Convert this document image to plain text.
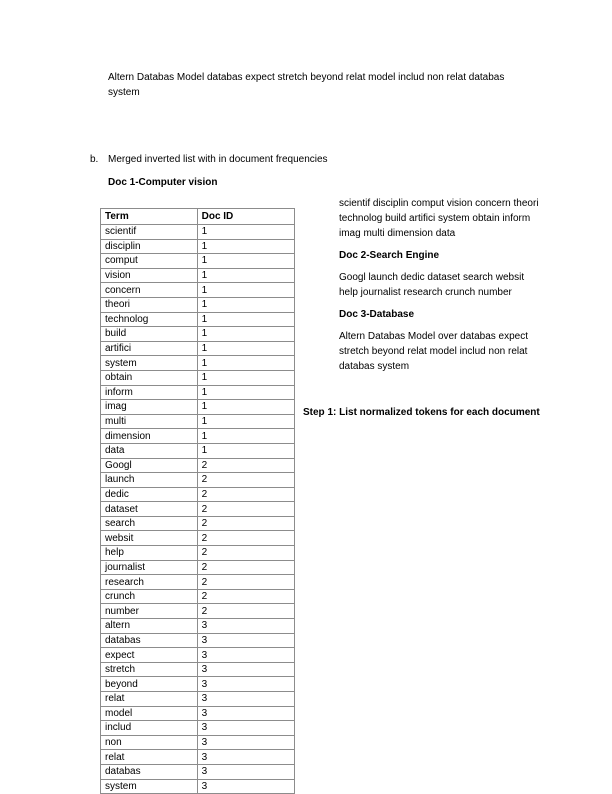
Altern Databas Model databas expect stretch beyond relat model includ non relat databas system
b. Merged inverted list with in document frequencies
Doc 1-Computer vision
Term	Doc ID
scientif	1
disciplin	1
comput	1
vision	1
concern	1
theori	1
technolog	1
build	1
artifici	1
system	1
obtain	1
inform	1
imag	1
multi	1
dimension	1
data	1
Googl	2
launch	2
dedic	2
dataset	2
search	2
websit	2
help	2
journalist	2
research	2
crunch	2
number	2
altern	3
databas	3
expect	3
stretch	3
beyond	3
relat	3
model	3
includ	3
non	3
relat	3
databas	3
system	3

scientif disciplin comput vision concern theori technolog build artifici system obtain inform imag multi dimension data

Doc 2-Search Engine

Googl launch dedic dataset search websit help journalist research crunch number

Doc 3-Database

Altern Databas Model over databas expect stretch beyond relat model includ non relat databas system

Step 1: List normalized tokens for each document
